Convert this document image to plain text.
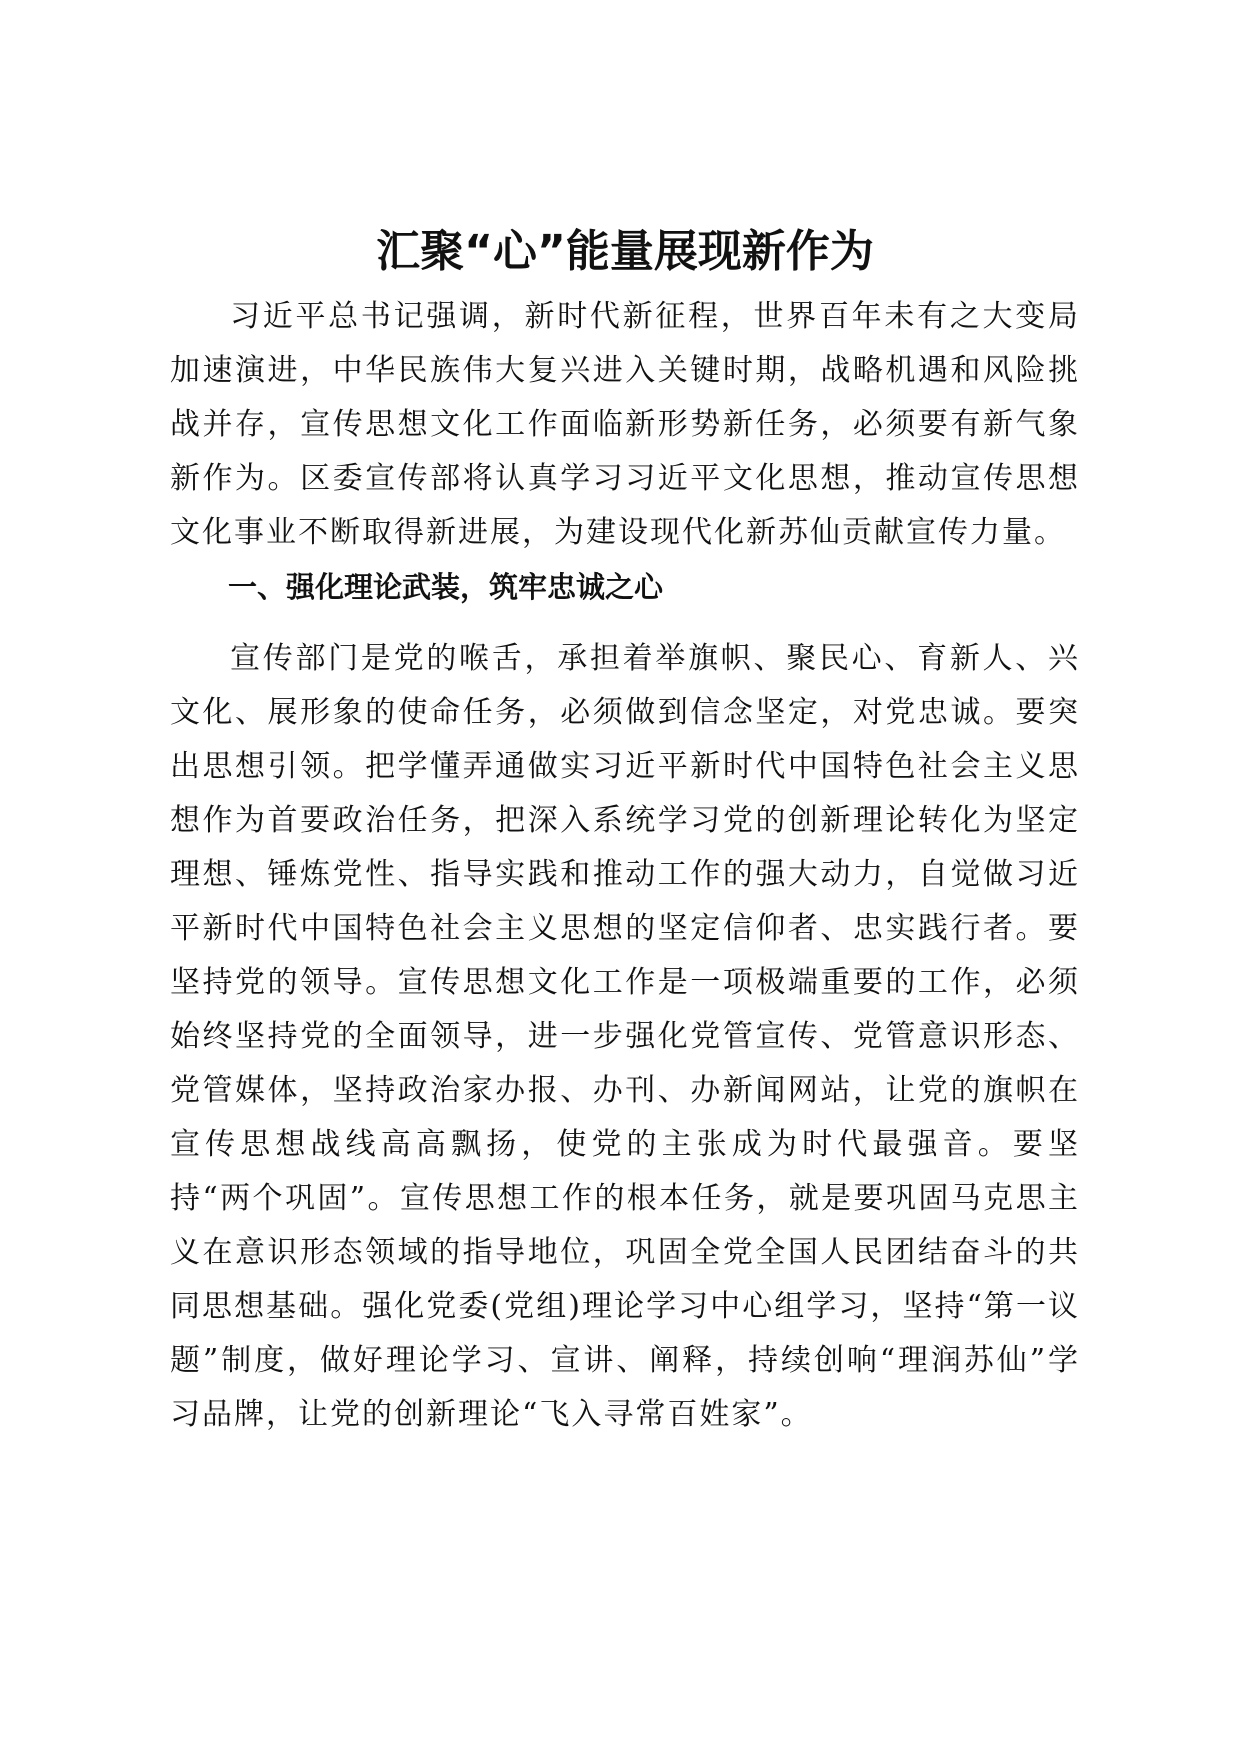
汇聚“心”能量展现新作为

习近平总书记强调，新时代新征程，世界百年未有之大变局加速演进，中华民族伟大复兴进入关键时期，战略机遇和风险挑战并存，宣传思想文化工作面临新形势新任务，必须要有新气象新作为。区委宣传部将认真学习习近平文化思想，推动宣传思想文化事业不断取得新进展，为建设现代化新苏仙贡献宣传力量。

一、强化理论武装，筑牢忠诚之心

宣传部门是党的喉舌，承担着举旗帜、聚民心、育新人、兴文化、展形象的使命任务，必须做到信念坚定，对党忠诚。要突出思想引领。把学懂弄通做实习近平新时代中国特色社会主义思想作为首要政治任务，把深入系统学习党的创新理论转化为坚定理想、锤炼党性、指导实践和推动工作的强大动力，自觉做习近平新时代中国特色社会主义思想的坚定信仰者、忠实践行者。要坚持党的领导。宣传思想文化工作是一项极端重要的工作，必须始终坚持党的全面领导，进一步强化党管宣传、党管意识形态、党管媒体，坚持政治家办报、办刊、办新闻网站，让党的旗帜在宣传思想战线高高飘扬，使党的主张成为时代最强音。要坚持“两个巩固”。宣传思想工作的根本任务，就是要巩固马克思主义在意识形态领域的指导地位，巩固全党全国人民团结奋斗的共同思想基础。强化党委(党组)理论学习中心组学习，坚持“第一议题”制度，做好理论学习、宣讲、阐释，持续创响“理润苏仙”学习品牌，让党的创新理论“飞入寻常百姓家”。
